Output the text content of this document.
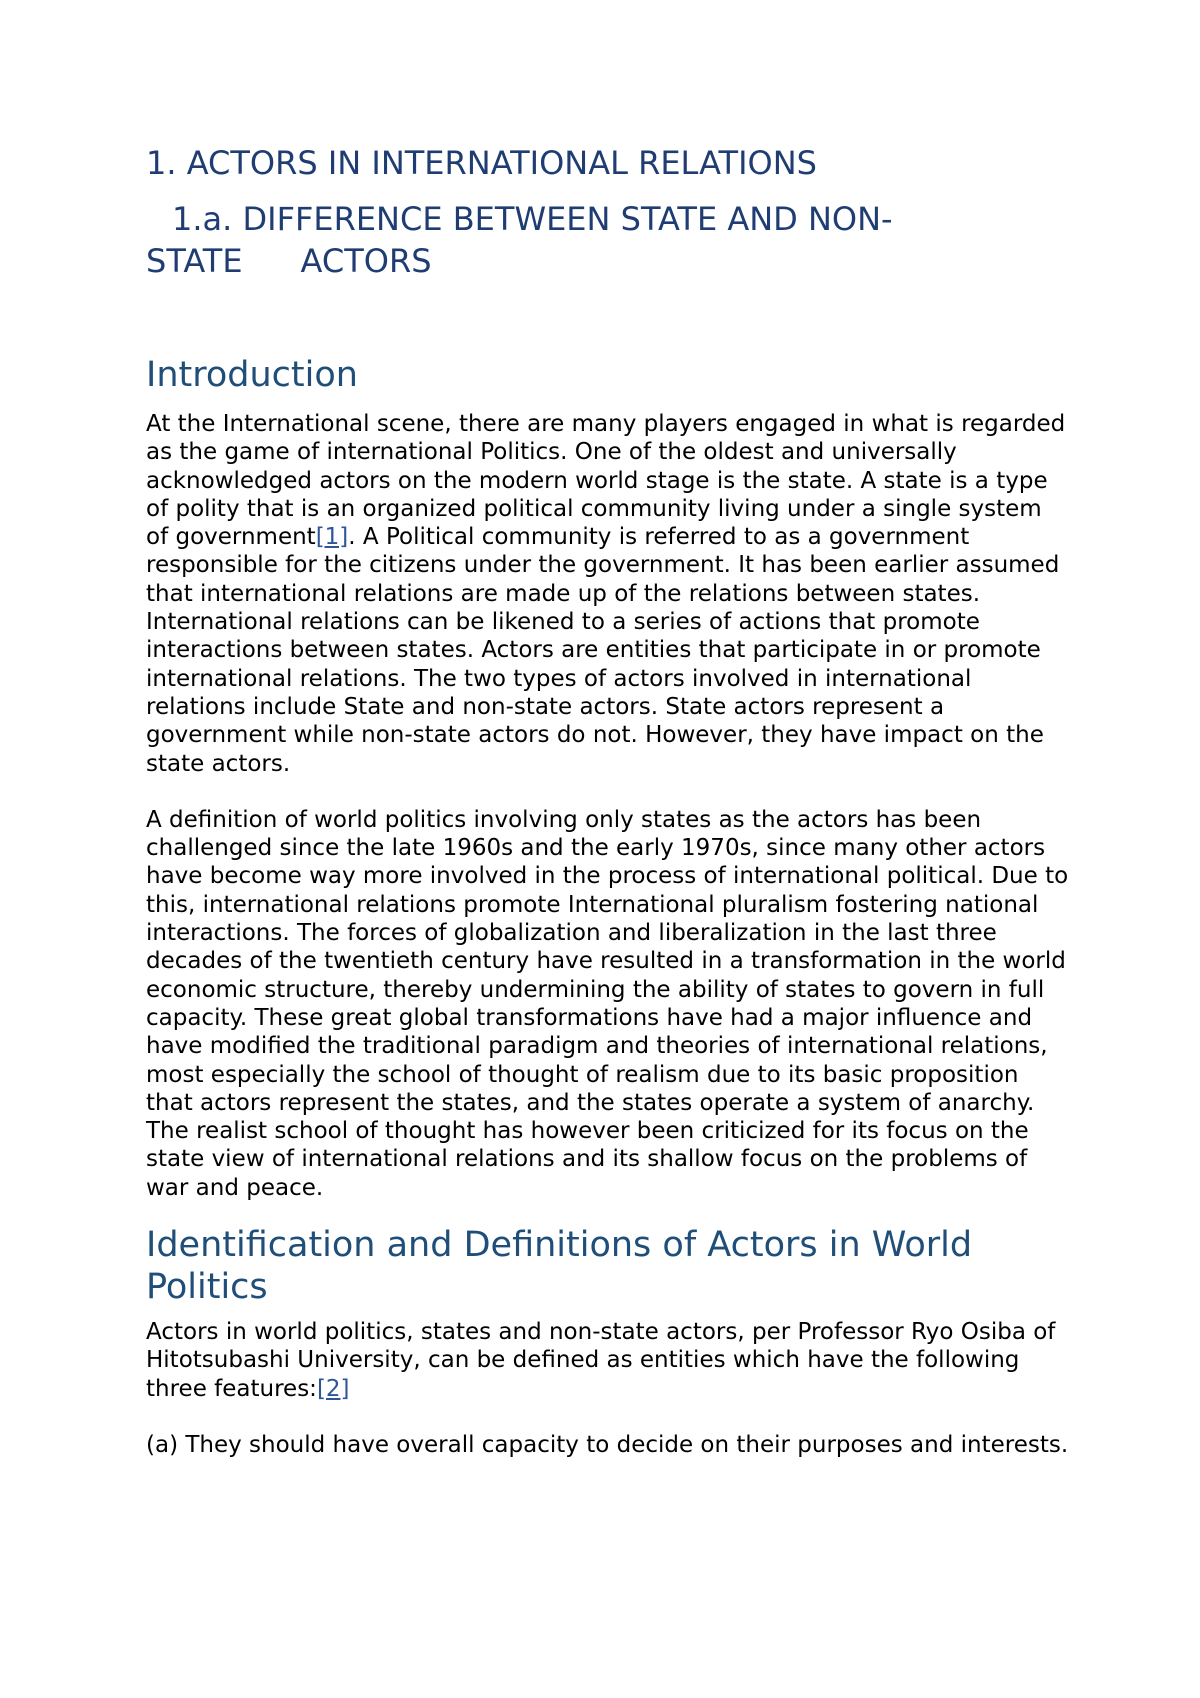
1. ACTORS IN INTERNATIONAL RELATIONS
1.a. DIFFERENCE BETWEEN STATE AND NON-
STATE ACTORS
Introduction

At the International scene, there are many players engaged in what is regarded as the game of international Politics. One of the oldest and universally acknowledged actors on the modern world stage is the state. A state is a type of polity that is an organized political community living under a single system of government[1]. A Political community is referred to as a government responsible for the citizens under the government. It has been earlier assumed that international relations are made up of the relations between states. International relations can be likened to a series of actions that promote interactions between states. Actors are entities that participate in or promote international relations. The two types of actors involved in international relations include State and non-state actors. State actors represent a government while non-state actors do not. However, they have impact on the state actors.

A definition of world politics involving only states as the actors has been challenged since the late 1960s and the early 1970s, since many other actors have become way more involved in the process of international political. Due to this, international relations promote International pluralism fostering national interactions. The forces of globalization and liberalization in the last three decades of the twentieth century have resulted in a transformation in the world economic structure, thereby undermining the ability of states to govern in full capacity. These great global transformations have had a major influence and have modified the traditional paradigm and theories of international relations, most especially the school of thought of realism due to its basic proposition that actors represent the states, and the states operate a system of anarchy. The realist school of thought has however been criticized for its focus on the state view of international relations and its shallow focus on the problems of war and peace.

Identification and Definitions of Actors in World Politics

Actors in world politics, states and non-state actors, per Professor Ryo Osiba of Hitotsubashi University, can be defined as entities which have the following three features:[2]

(a) They should have overall capacity to decide on their purposes and interests.
